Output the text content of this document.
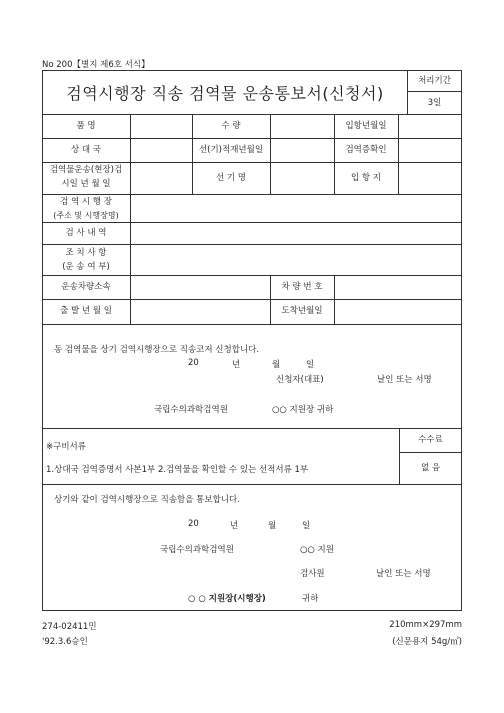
No 200【별지 제6호 서식】
검역시행장 직송 검역물 운송통보서(신청서)
처리기간
3일
품 명	수 량	입항년월일
상 대 국	선(기)적재년월일	검역증확인
검역물운송(현장)검
시일 년 월 일
선 기 명	입 항 지
검 역 시 행 장
(주소 및 시행장명)
검 사 내 역
조 치 사 항
(운 송 여 부)
운송차량소속	차 량 번 호
출 발 년 월 일	도착년월일
동 검역물을 상기 검역시행장으로 직송코저 신청합니다.
20	년	월	일
신청자(대표)	날인 또는 서명
국립수의과학검역원	○○ 지원장 귀하
※구비서류
1.상대국 검역증명서 사본1부 2.검역물을 확인할 수 있는 선적서류 1부
수수료
없 음
상기와 같이 검역시행장으로 직송함을 통보합니다.
20	년	월	일
국립수의과학검역원	○○ 지원
검사원	날인 또는 서명
○ ○ 지원장(시행장)	귀하
274-02411민
'92.3.6승인
210mm×297mm
(신문용지 54g/㎡)
